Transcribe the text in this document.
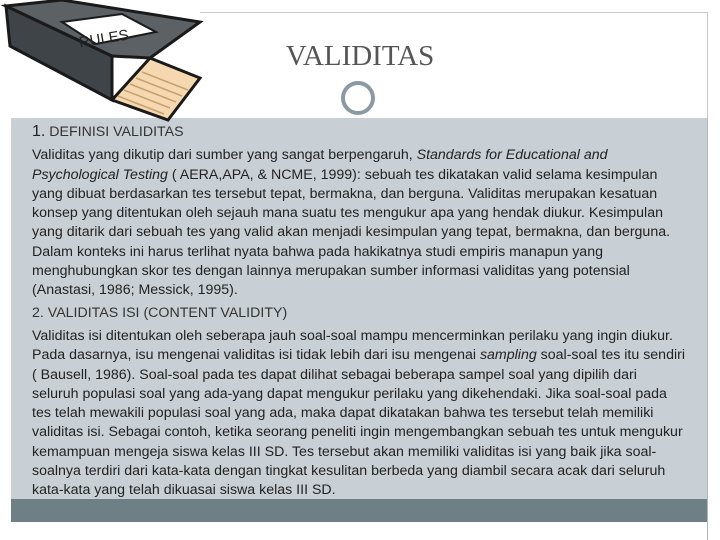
RULES
VALIDITAS
1. DEFINISI VALIDITAS

Validitas yang dikutip dari sumber yang sangat berpengaruh, Standards for Educational and Psychological Testing ( AERA,APA, & NCME, 1999): sebuah tes dikatakan valid selama kesimpulan yang dibuat berdasarkan tes tersebut tepat, bermakna, dan berguna. Validitas merupakan kesatuan konsep yang ditentukan oleh sejauh mana suatu tes mengukur apa yang hendak diukur. Kesimpulan yang ditarik dari sebuah tes yang valid akan menjadi kesimpulan yang tepat, bermakna, dan berguna. Dalam konteks ini harus terlihat nyata bahwa pada hakikatnya studi empiris manapun yang menghubungkan skor tes dengan lainnya merupakan sumber informasi validitas yang potensial (Anastasi, 1986; Messick, 1995).

2. VALIDITAS ISI (CONTENT VALIDITY)

Validitas isi ditentukan oleh seberapa jauh soal-soal mampu mencerminkan perilaku yang ingin diukur. Pada dasarnya, isu mengenai validitas isi tidak lebih dari isu mengenai sampling soal-soal tes itu sendiri ( Bausell, 1986). Soal-soal pada tes dapat dilihat sebagai beberapa sampel soal yang dipilih dari seluruh populasi soal yang ada-yang dapat mengukur perilaku yang dikehendaki. Jika soal-soal pada tes telah mewakili populasi soal yang ada, maka dapat dikatakan bahwa tes tersebut telah memiliki validitas isi. Sebagai contoh, ketika seorang peneliti ingin mengembangkan sebuah tes untuk mengukur kemampuan mengeja siswa kelas III SD. Tes tersebut akan memiliki validitas isi yang baik jika soal-soalnya terdiri dari kata-kata dengan tingkat kesulitan berbeda yang diambil secara acak dari seluruh kata-kata yang telah dikuasai siswa kelas III SD.
